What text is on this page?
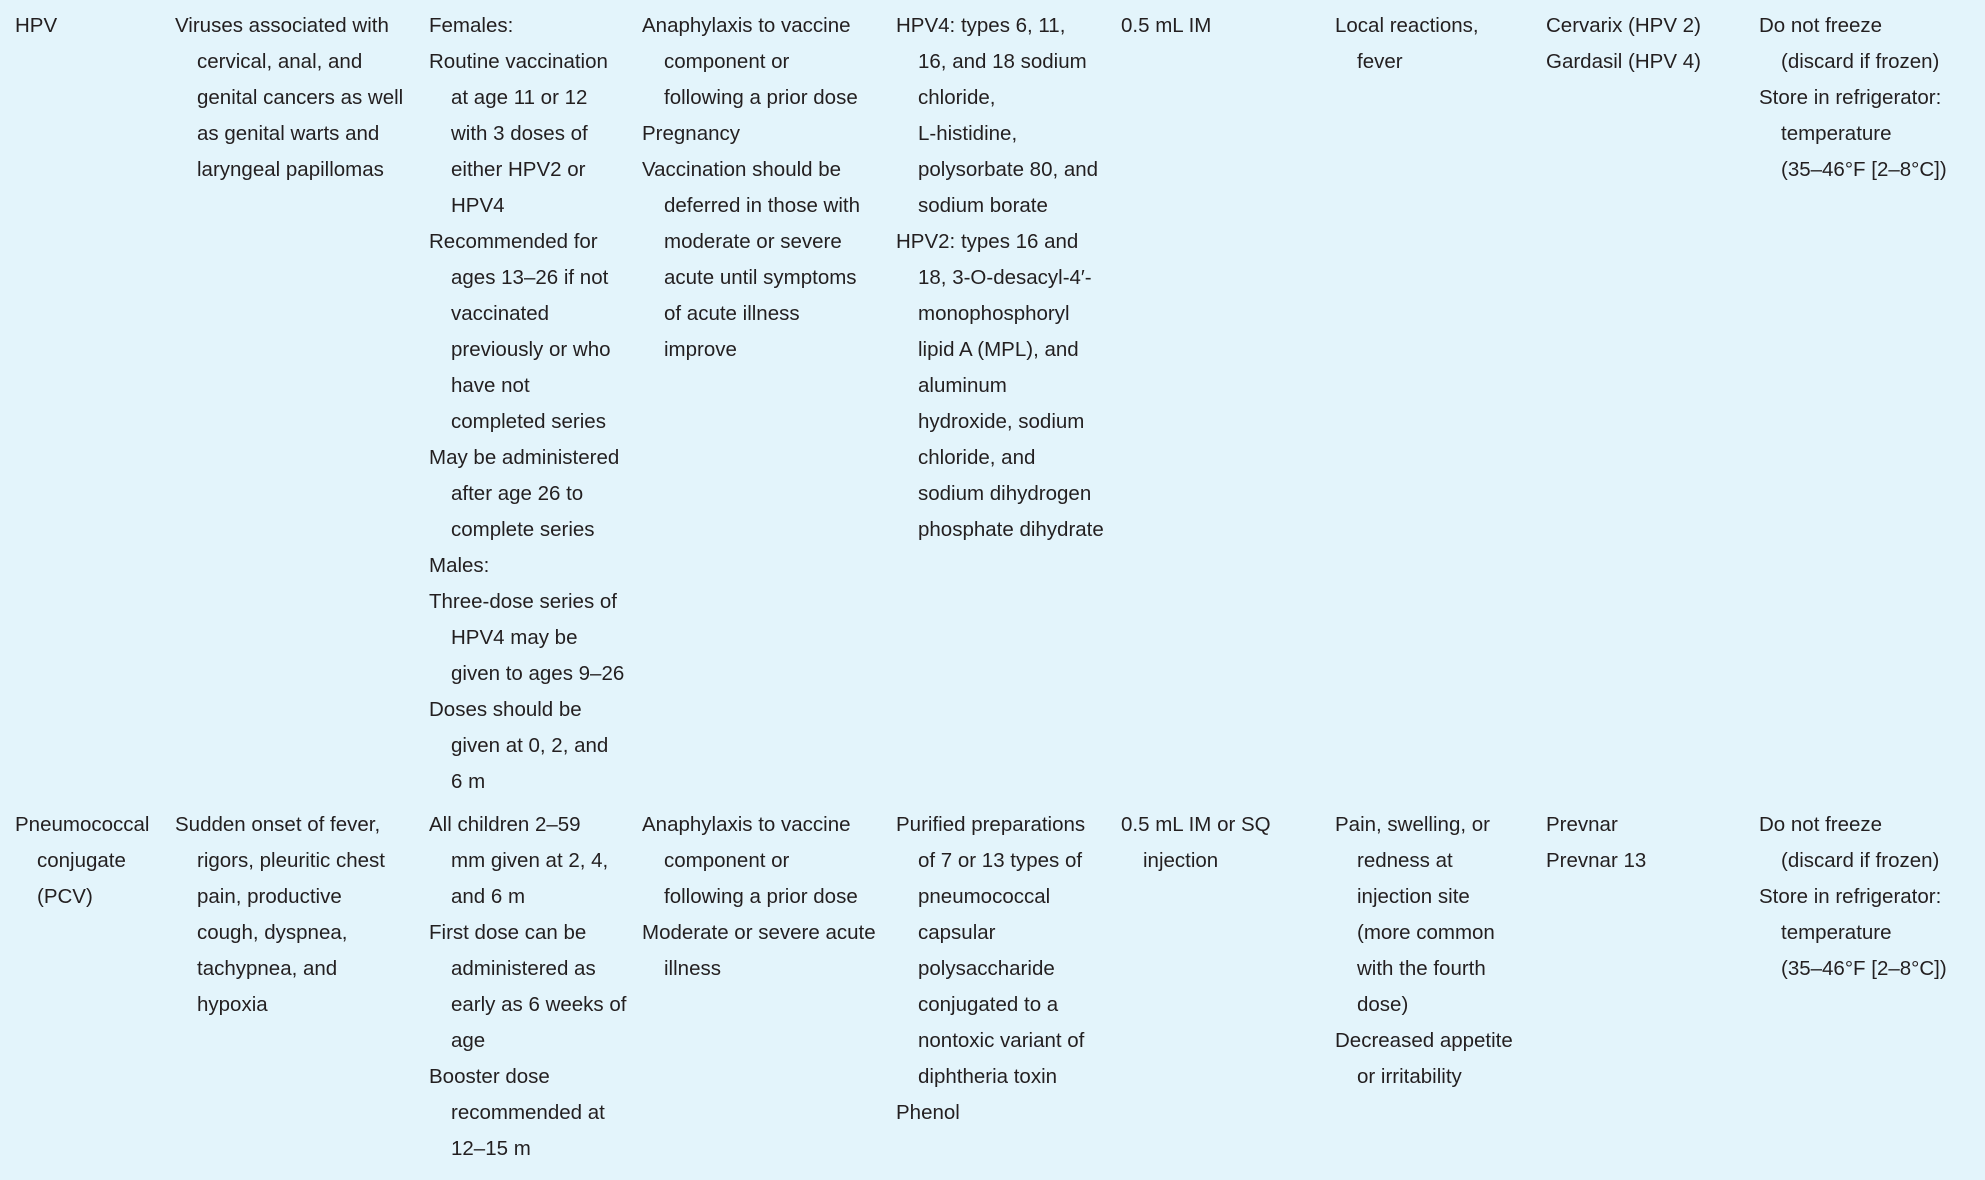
HPV	Viruses associated with
cervical, anal, and
genital cancers as well
as genital warts and
laryngeal papillomas
Females:
Routine vaccination
at age 11 or 12
with 3 doses of
either HPV2 or
HPV4
Recommended for
ages 13–26 if not
vaccinated
previously or who
have not
completed series
May be administered
after age 26 to
complete series
Males:
Three-dose series of
HPV4 may be
given to ages 9–26
Doses should be
given at 0, 2, and
6 m
Anaphylaxis to vaccine
component or
following a prior dose
Pregnancy
Vaccination should be
deferred in those with
moderate or severe
acute until symptoms
of acute illness
improve
HPV4: types 6, 11,
16, and 18 sodium
chloride,
L-histidine,
polysorbate 80, and
sodium borate
HPV2: types 16 and
18, 3-O-desacyl-4′-
monophosphoryl
lipid A (MPL), and
aluminum
hydroxide, sodium
chloride, and
sodium dihydrogen
phosphate dihydrate
0.5 mL IM	Local reactions,
fever
Cervarix (HPV 2)
Gardasil (HPV 4)
Do not freeze
(discard if frozen)
Store in refrigerator:
temperature
(35–46°F [2–8°C])
Pneumococcal
conjugate
(PCV)
Sudden onset of fever,
rigors, pleuritic chest
pain, productive
cough, dyspnea,
tachypnea, and
hypoxia
All children 2–59
mm given at 2, 4,
and 6 m
First dose can be
administered as
early as 6 weeks of
age
Booster dose
recommended at
12–15 m
Anaphylaxis to vaccine
component or
following a prior dose
Moderate or severe acute
illness
Purified preparations
of 7 or 13 types of
pneumococcal
capsular
polysaccharide
conjugated to a
nontoxic variant of
diphtheria toxin
Phenol
0.5 mL IM or SQ
injection
Pain, swelling, or
redness at
injection site
(more common
with the fourth
dose)
Decreased appetite
or irritability
Prevnar
Prevnar 13
Do not freeze
(discard if frozen)
Store in refrigerator:
temperature
(35–46°F [2–8°C])
